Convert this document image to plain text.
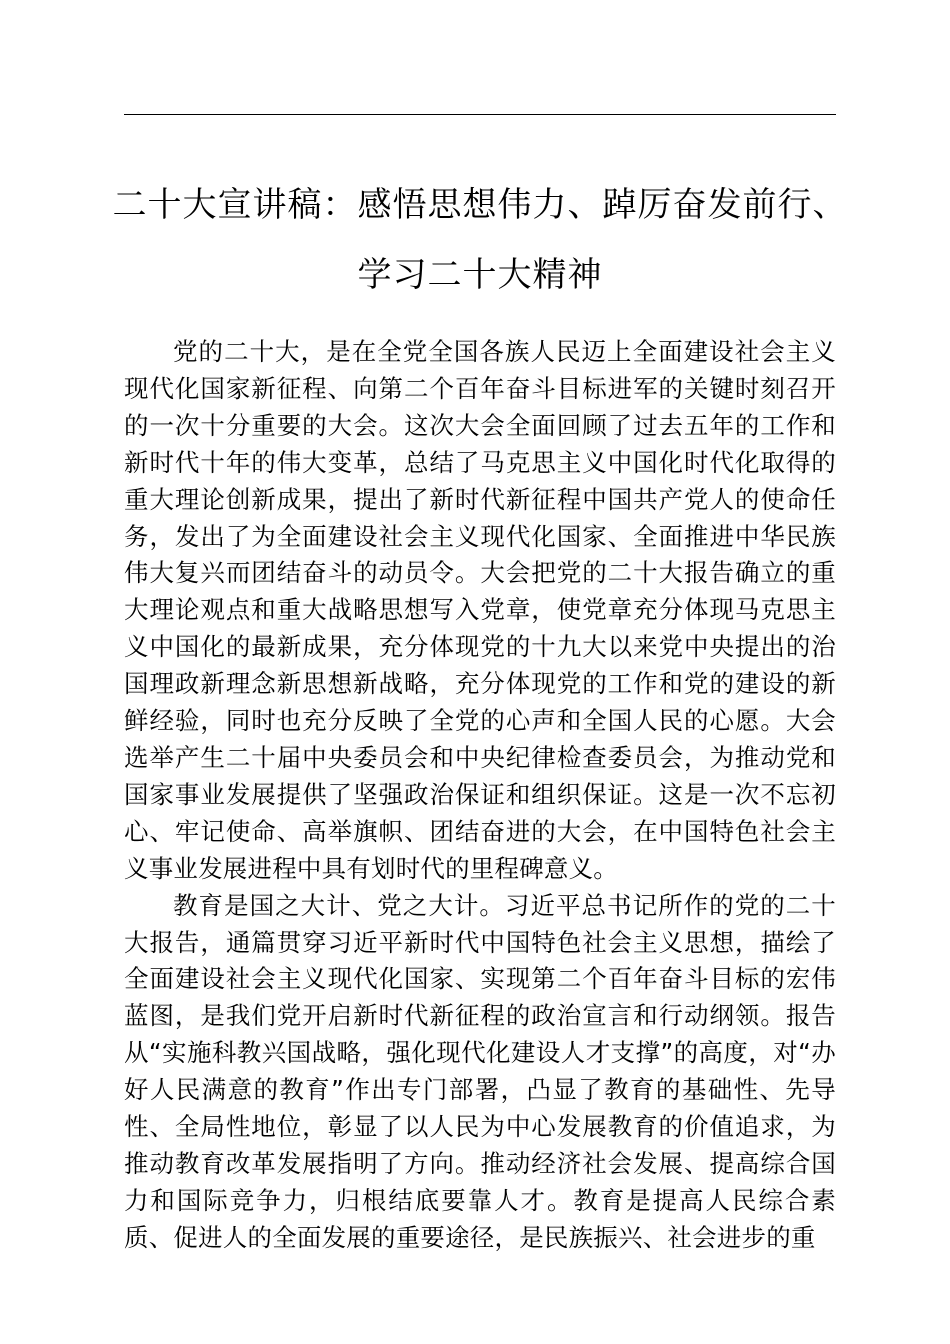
二十大宣讲稿：感悟思想伟力、踔厉奋发前行、
学习二十大精神

党的二十大，是在全党全国各族人民迈上全面建设社会主义现代化国家新征程、向第二个百年奋斗目标进军的关键时刻召开的一次十分重要的大会。这次大会全面回顾了过去五年的工作和新时代十年的伟大变革，总结了马克思主义中国化时代化取得的重大理论创新成果，提出了新时代新征程中国共产党人的使命任务，发出了为全面建设社会主义现代化国家、全面推进中华民族伟大复兴而团结奋斗的动员令。大会把党的二十大报告确立的重大理论观点和重大战略思想写入党章，使党章充分体现马克思主义中国化的最新成果，充分体现党的十九大以来党中央提出的治国理政新理念新思想新战略，充分体现党的工作和党的建设的新鲜经验，同时也充分反映了全党的心声和全国人民的心愿。大会选举产生二十届中央委员会和中央纪律检查委员会，为推动党和国家事业发展提供了坚强政治保证和组织保证。这是一次不忘初心、牢记使命、高举旗帜、团结奋进的大会，在中国特色社会主义事业发展进程中具有划时代的里程碑意义。

教育是国之大计、党之大计。习近平总书记所作的党的二十大报告，通篇贯穿习近平新时代中国特色社会主义思想，描绘了全面建设社会主义现代化国家、实现第二个百年奋斗目标的宏伟蓝图，是我们党开启新时代新征程的政治宣言和行动纲领。报告从“实施科教兴国战略，强化现代化建设人才支撑”的高度，对“办好人民满意的教育”作出专门部署，凸显了教育的基础性、先导性、全局性地位，彰显了以人民为中心发展教育的价值追求，为推动教育改革发展指明了方向。推动经济社会发展、提高综合国力和国际竞争力，归根结底要靠人才。教育是提高人民综合素质、促进人的全面发展的重要途径，是民族振兴、社会进步的重
